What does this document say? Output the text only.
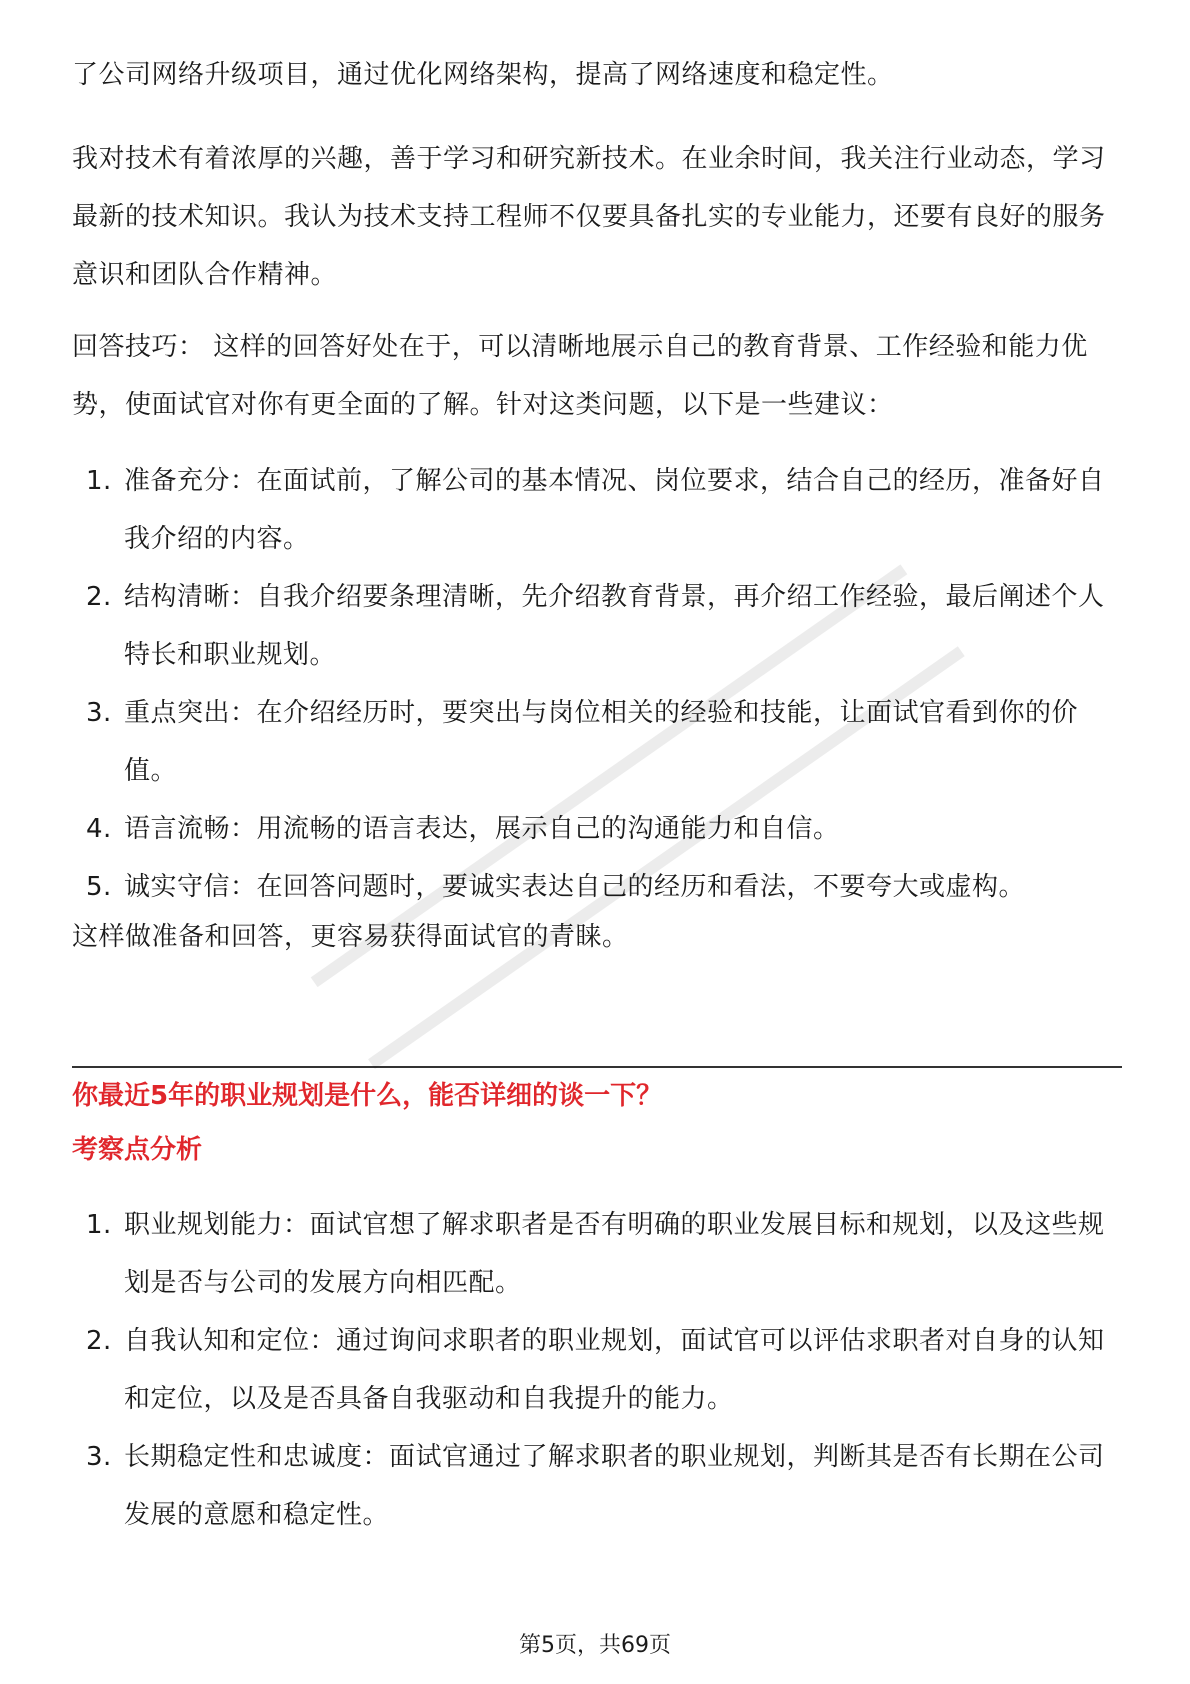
了公司网络升级项目，通过优化网络架构，提高了网络速度和稳定性。

我对技术有着浓厚的兴趣，善于学习和研究新技术。在业余时间，我关注行业动态，学习最新的技术知识。我认为技术支持工程师不仅要具备扎实的专业能力，还要有良好的服务意识和团队合作精神。

回答技巧： 这样的回答好处在于，可以清晰地展示自己的教育背景、工作经验和能力优势，使面试官对你有更全面的了解。针对这类问题，以下是一些建议：

1. 准备充分：在面试前，了解公司的基本情况、岗位要求，结合自己的经历，准备好自我介绍的内容。
2. 结构清晰：自我介绍要条理清晰，先介绍教育背景，再介绍工作经验，最后阐述个人特长和职业规划。
3. 重点突出：在介绍经历时，要突出与岗位相关的经验和技能，让面试官看到你的价值。
4. 语言流畅：用流畅的语言表达，展示自己的沟通能力和自信。
5. 诚实守信：在回答问题时，要诚实表达自己的经历和看法，不要夸大或虚构。

这样做准备和回答，更容易获得面试官的青睐。

你最近5年的职业规划是什么，能否详细的谈一下？
考察点分析
1. 职业规划能力：面试官想了解求职者是否有明确的职业发展目标和规划，以及这些规划是否与公司的发展方向相匹配。
2. 自我认知和定位：通过询问求职者的职业规划，面试官可以评估求职者对自身的认知和定位，以及是否具备自我驱动和自我提升的能力。
3. 长期稳定性和忠诚度：面试官通过了解求职者的职业规划，判断其是否有长期在公司发展的意愿和稳定性。
第5页，共69页
